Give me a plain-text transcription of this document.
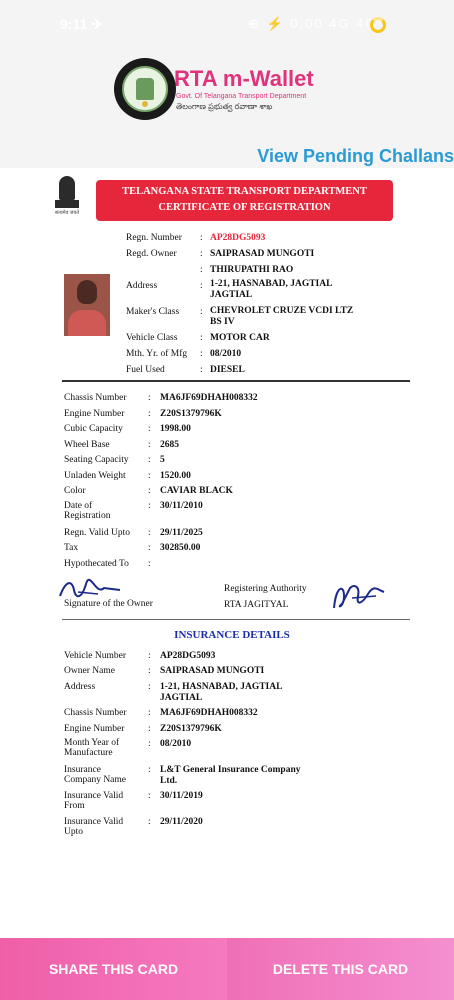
9:11 ✈	⊕ ⚡ 0.00 4G 4G
RTA m-Wallet
Govt. Of Telangana Transport Department
తెలంగాణ ప్రభుత్వ రవాణా శాఖ
View Pending Challans
सत्यमेव जयते
TELANGANA STATE TRANSPORT DEPARTMENT
CERTIFICATE OF REGISTRATION
Regn. Number : AP28DG5093
Regd. Owner : SAIPRASAD MUNGOTI
: THIRUPATHI RAO
Address	: 1-21, HASNABAD, JAGTIAL JAGTIAL
Maker's Class : CHEVROLET CRUZE VCDI LTZ BS IV
Vehicle Class : MOTOR CAR
Mth. Yr. of Mfg : 08/2010
Fuel Used	: DIESEL
Chassis Number : MA6JF69DHAH008332
Engine Number : Z20S1379796K
Cubic Capacity	: 1998.00
Wheel Base	: 2685
Seating Capacity : 5
Unladen Weight : 1520.00
Color	: CAVIAR BLACK
Date of Registration
: 30/11/2010
Regn. Valid Upto : 29/11/2025
Tax	: 302850.00
Hypothecated To :
Signature of the Owner
Registering Authority
RTA JAGITYAL
INSURANCE DETAILS
Vehicle Number : AP28DG5093
Owner Name	: SAIPRASAD MUNGOTI
Address	: 1-21, HASNABAD, JAGTIAL JAGTIAL
Chassis Number : MA6JF69DHAH008332
Engine Number : Z20S1379796K
Month Year of Manufacture
: 08/2010
Insurance Company Name
: L&T General Insurance Company Ltd.
Insurance Valid From
: 30/11/2019
Insurance Valid Upto
: 29/11/2020
SHARE THIS CARD	DELETE THIS CARD
